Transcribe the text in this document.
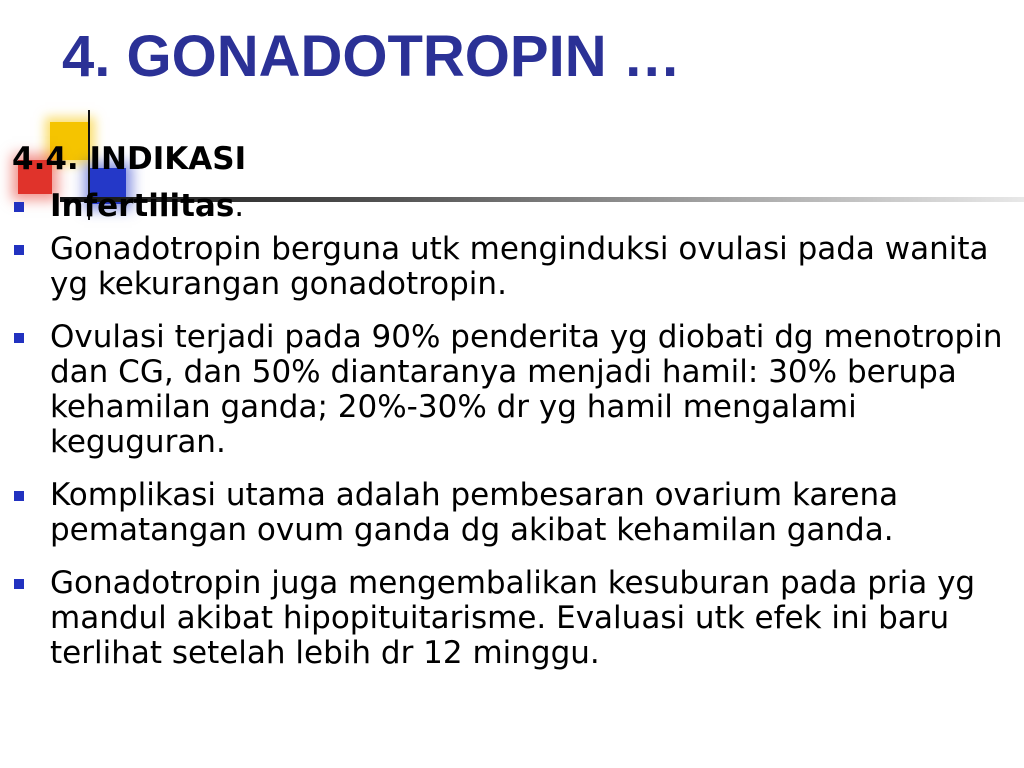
4. GONADOTROPIN …
4.4. INDIKASI
Infertilitas.
Gonadotropin berguna utk menginduksi ovulasi pada wanita yg kekurangan gonadotropin.
Ovulasi terjadi pada 90% penderita yg diobati dg menotropin dan CG, dan 50% diantaranya menjadi hamil: 30% berupa kehamilan ganda; 20%-30% dr yg hamil mengalami keguguran.
Komplikasi utama adalah pembesaran ovarium karena pematangan ovum ganda dg akibat kehamilan ganda.
Gonadotropin juga mengembalikan kesuburan pada pria yg mandul akibat hipopituitarisme. Evaluasi utk efek ini baru terlihat setelah lebih dr 12 minggu.
